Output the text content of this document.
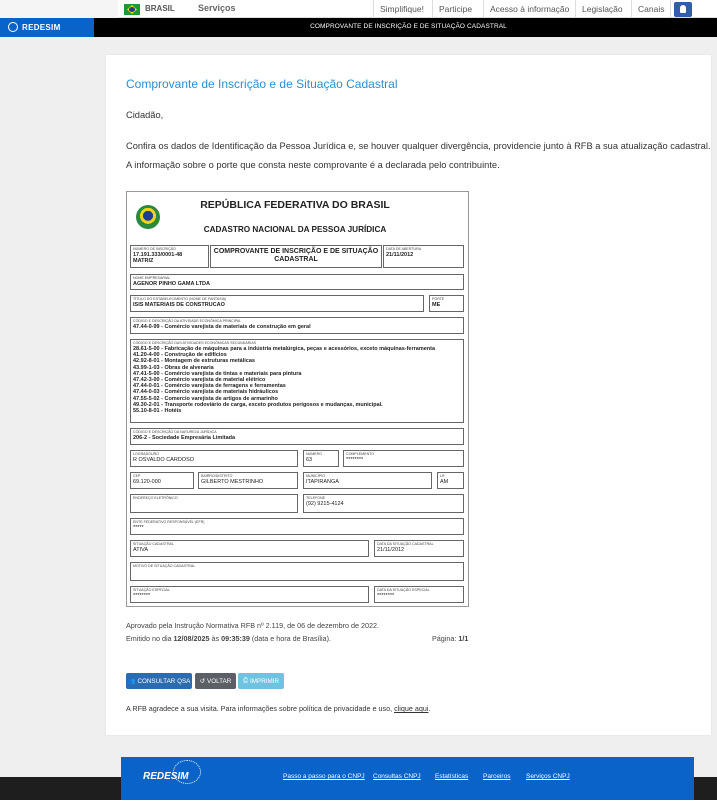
BRASIL	Serviços	Simplifique!	Participe	Acesso à informação	Legislação	Canais
REDESIM	COMPROVANTE DE INSCRIÇÃO E DE SITUAÇÃO CADASTRAL
Comprovante de Inscrição e de Situação Cadastral
Cidadão,
Confira os dados de Identificação da Pessoa Jurídica e, se houver qualquer divergência, providencie junto à RFB a sua atualização cadastral.
A informação sobre o porte que consta neste comprovante é a declarada pelo contribuinte.
REPÚBLICA FEDERATIVA DO BRASIL
CADASTRO NACIONAL DA PESSOA JURÍDICA
NÚMERO DE INSCRIÇÃO
17.191.333/0001-48
MATRIZ
COMPROVANTE DE INSCRIÇÃO E DE SITUAÇÃO CADASTRAL
DATA DE ABERTURA
21/11/2012
NOME EMPRESARIAL
AGENOR PINHO GAMA LTDA
TÍTULO DO ESTABELECIMENTO (NOME DE FANTASIA)
ISIS MATERIAIS DE CONSTRUCAO
PORTE
ME
CÓDIGO E DESCRIÇÃO DA ATIVIDADE ECONÔMICA PRINCIPAL
47.44-0-99 - Comércio varejista de materiais de construção em geral
CÓDIGO E DESCRIÇÃO DAS ATIVIDADES ECONÔMICAS SECUNDÁRIAS
28.61-5-00 - Fabricação de máquinas para a indústria metalúrgica, peças e acessórios, exceto máquinas-ferramenta
41.20-4-00 - Construção de edifícios
42.92-8-01 - Montagem de estruturas metálicas
43.99-1-03 - Obras de alvenaria
47.41-5-00 - Comércio varejista de tintas e materiais para pintura
47.42-3-00 - Comércio varejista de material elétrico
47.44-0-01 - Comércio varejista de ferragens e ferramentas
47.44-0-03 - Comércio varejista de materiais hidráulicos
47.55-5-02 - Comercio varejista de artigos de armarinho
49.30-2-01 - Transporte rodoviário de carga, exceto produtos perigosos e mudanças, municipal.
55.10-8-01 - Hotéis
CÓDIGO E DESCRIÇÃO DA NATUREZA JURÍDICA
206-2 - Sociedade Empresária Limitada
LOGRADOURO
R OSVALDO CARDOSO
NÚMERO
63
COMPLEMENTO
********
CEP
69.120-000
BAIRRO/DISTRITO
GILBERTO MESTRINHO
MUNICÍPIO
ITAPIRANGA
UF
AM
ENDEREÇO ELETRÔNICO	TELEFONE
(92) 9215-4124
ENTE FEDERATIVO RESPONSÁVEL (EFR)
*****
SITUAÇÃO CADASTRAL
ATIVA
DATA DA SITUAÇÃO CADASTRAL
21/11/2012
MOTIVO DE SITUAÇÃO CADASTRAL
SITUAÇÃO ESPECIAL
********
DATA DA SITUAÇÃO ESPECIAL
********
Aprovado pela Instrução Normativa RFB nº 2.119, de 06 de dezembro de 2022.
Emitido no dia 12/08/2025 às 09:35:39 (data e hora de Brasília).	Página: 1/1
👥 CONSULTAR QSA ↺ VOLTAR ⎙ IMPRIMIR
A RFB agradece a sua visita. Para informações sobre política de privacidade e uso, clique aqui.
REDESIM	Passo a passo para o CNPJ Consultas CNPJ Estatísticas Parceiros Serviços CNPJ
